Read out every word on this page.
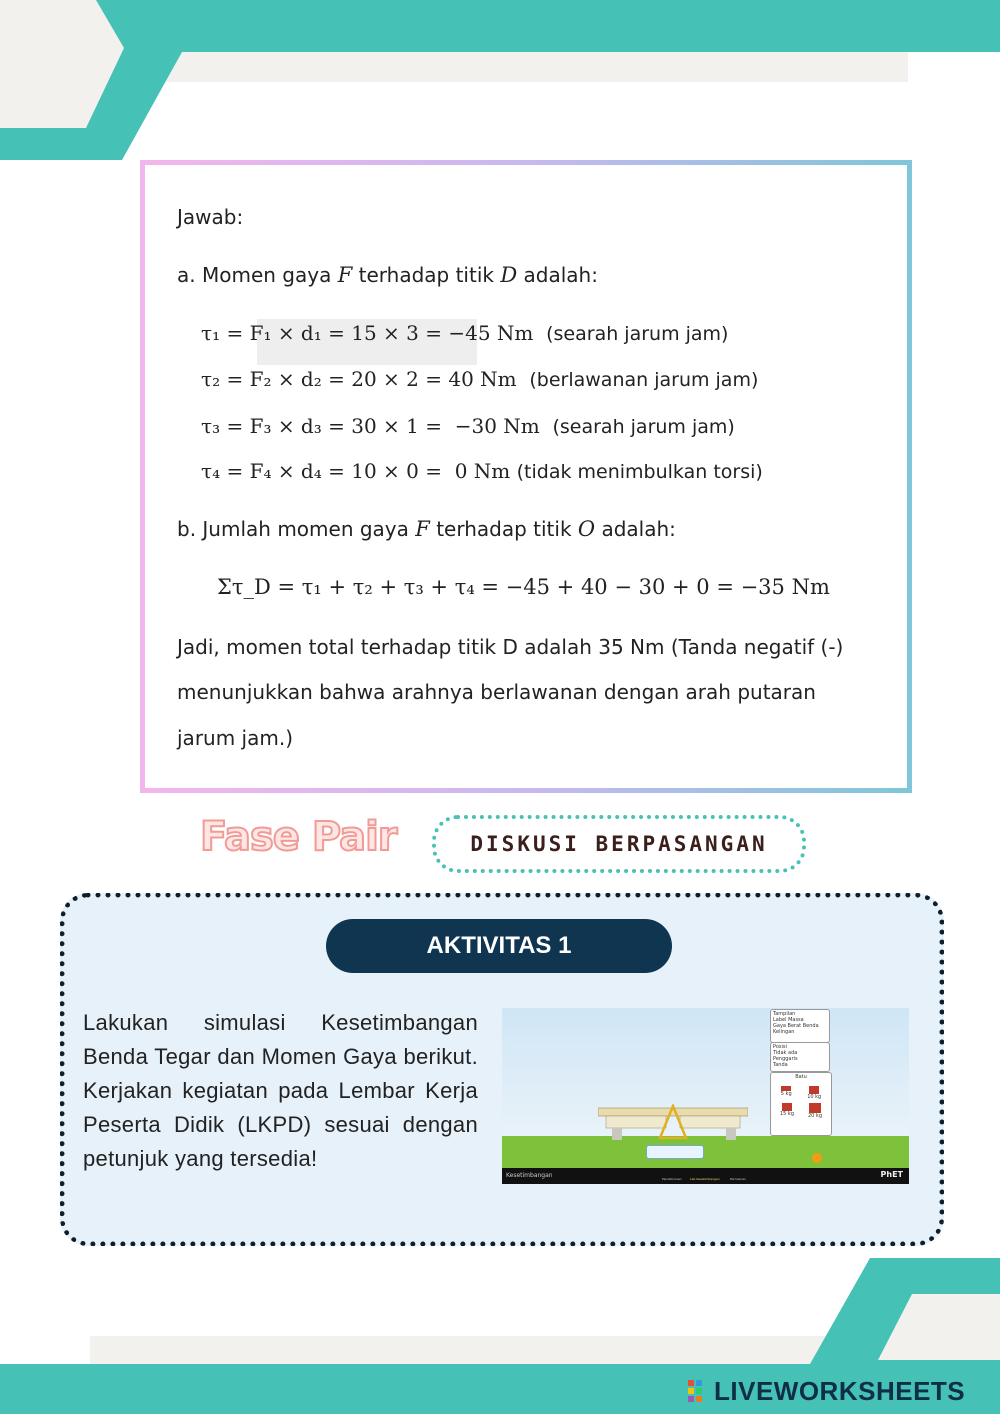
Jawab:
a. Momen gaya F terhadap titik D adalah:
τ₁ = F₁ × d₁ = 15 × 3 = −45 Nm (searah jarum jam)
τ₂ = F₂ × d₂ = 20 × 2 = 40 Nm (berlawanan jarum jam)
τ₃ = F₃ × d₃ = 30 × 1 = −30 Nm (searah jarum jam)
τ₄ = F₄ × d₄ = 10 × 0 = 0 Nm (tidak menimbulkan torsi)
b. Jumlah momen gaya F terhadap titik O adalah:
Στ_D = τ₁ + τ₂ + τ₃ + τ₄ = −45 + 40 − 30 + 0 = −35 Nm
Jadi, momen total terhadap titik D adalah 35 Nm (Tanda negatif (-)
menunjukkan bahwa arahnya berlawanan dengan arah putaran
jarum jam.)
Fase Pair	DISKUSI BERPASANGAN
AKTIVITAS 1
Lakukan simulasi Kesetimbangan Benda Tegar dan Momen Gaya berikut. Kerjakan kegiatan pada Lembar Kerja Peserta Didik (LKPD) sesuai dengan petunjuk yang tersedia!
Tampilan
Label Massa
Gaya Berat Benda
Kelingan
Posisi
Tidak ada
Penggaris
Tanda
Batu
5 kg	10 kg
15 kg	20 kg
Kesetimbangan	Pendahuluan	Lab Kesetimbangan	Permainan	PhET
LIVEWORKSHEETS
